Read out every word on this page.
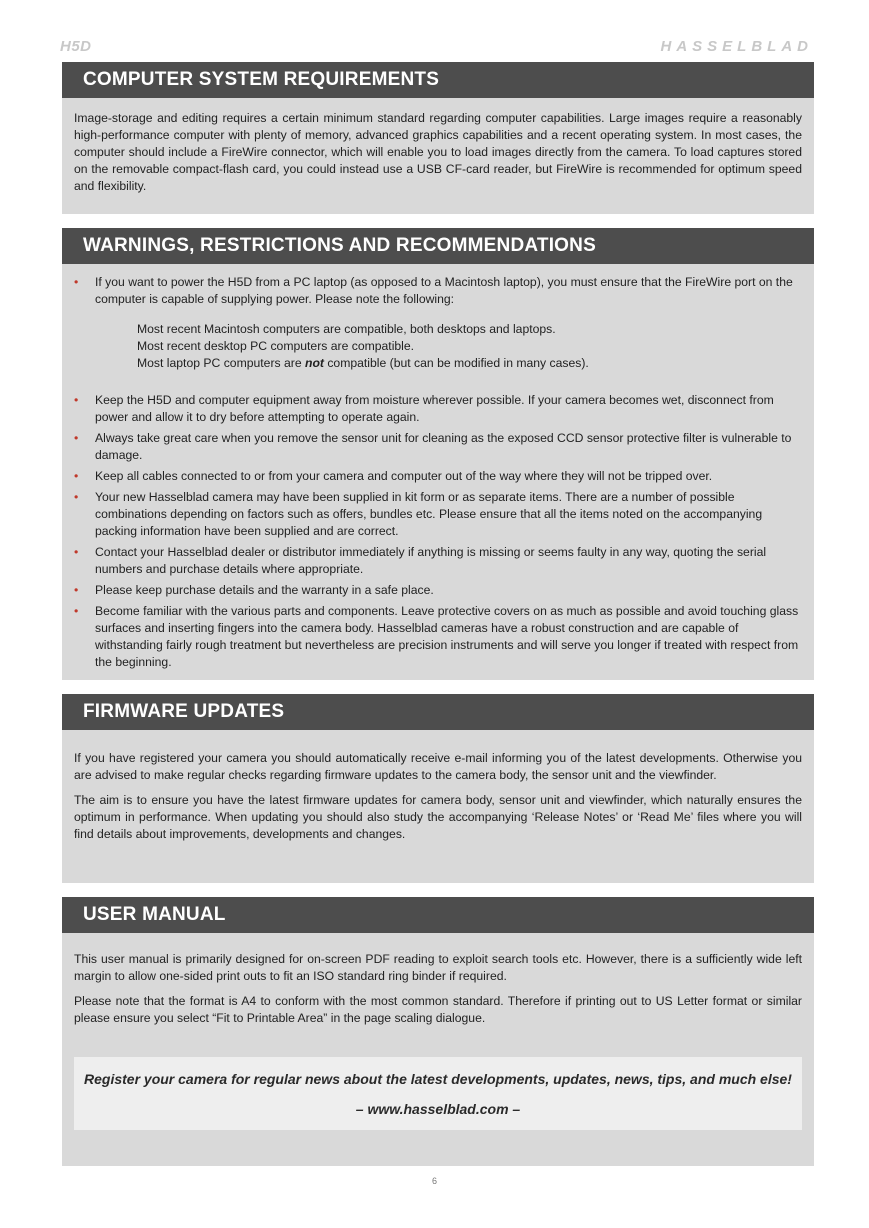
H5D	HASSELBLAD
COMPUTER SYSTEM REQUIREMENTS

Image-storage and editing requires a certain minimum standard regarding computer capabilities. Large images require a reasonably high-performance computer with plenty of memory, advanced graphics capabilities and a recent operating system. In most cases, the computer should include a FireWire connector, which will enable you to load images directly from the camera. To load captures stored on the removable compact-flash card, you could instead use a USB CF-card reader, but FireWire is recommended for optimum speed and flexibility.

WARNINGS, RESTRICTIONS AND RECOMMENDATIONS
• If you want to power the H5D from a PC laptop (as opposed to a Macintosh laptop), you must ensure that the FireWire port on the computer is capable of supplying power. Please note the following:
Most recent Macintosh computers are compatible, both desktops and laptops.
Most recent desktop PC computers are compatible.
Most laptop PC computers are not compatible (but can be modified in many cases).
• Keep the H5D and computer equipment away from moisture wherever possible. If your camera becomes wet, disconnect from power and allow it to dry before attempting to operate again.
• Always take great care when you remove the sensor unit for cleaning as the exposed CCD sensor protective filter is vulnerable to damage.
• Keep all cables connected to or from your camera and computer out of the way where they will not be tripped over.
• Your new Hasselblad camera may have been supplied in kit form or as separate items. There are a number of possible combinations depending on factors such as offers, bundles etc. Please ensure that all the items noted on the accompanying packing information have been supplied and are correct.
• Contact your Hasselblad dealer or distributor immediately if anything is missing or seems faulty in any way, quoting the serial numbers and purchase details where appropriate.
• Please keep purchase details and the warranty in a safe place.
• Become familiar with the various parts and components. Leave protective covers on as much as possible and avoid touching glass surfaces and inserting fingers into the camera body. Hasselblad cameras have a robust construction and are capable of withstanding fairly rough treatment but nevertheless are precision instruments and will serve you longer if treated with respect from the beginning.
FIRMWARE UPDATES

If you have registered your camera you should automatically receive e-mail informing you of the latest developments. Otherwise you are advised to make regular checks regarding firmware updates to the camera body, the sensor unit and the viewfinder.

The aim is to ensure you have the latest firmware updates for camera body, sensor unit and viewfinder, which naturally ensures the optimum in performance. When updating you should also study the accompanying ‘Release Notes’ or ‘Read Me’ files where you will find details about improvements, developments and changes.

USER MANUAL

This user manual is primarily designed for on-screen PDF reading to exploit search tools etc. However, there is a sufficiently wide left margin to allow one-sided print outs to fit an ISO standard ring binder if required.

Please note that the format is A4 to conform with the most common standard. Therefore if printing out to US Letter format or similar please ensure you select “Fit to Printable Area” in the page scaling dialogue.

Register your camera for regular news about the latest developments, updates, news, tips, and much else!
– www.hasselblad.com –
6
